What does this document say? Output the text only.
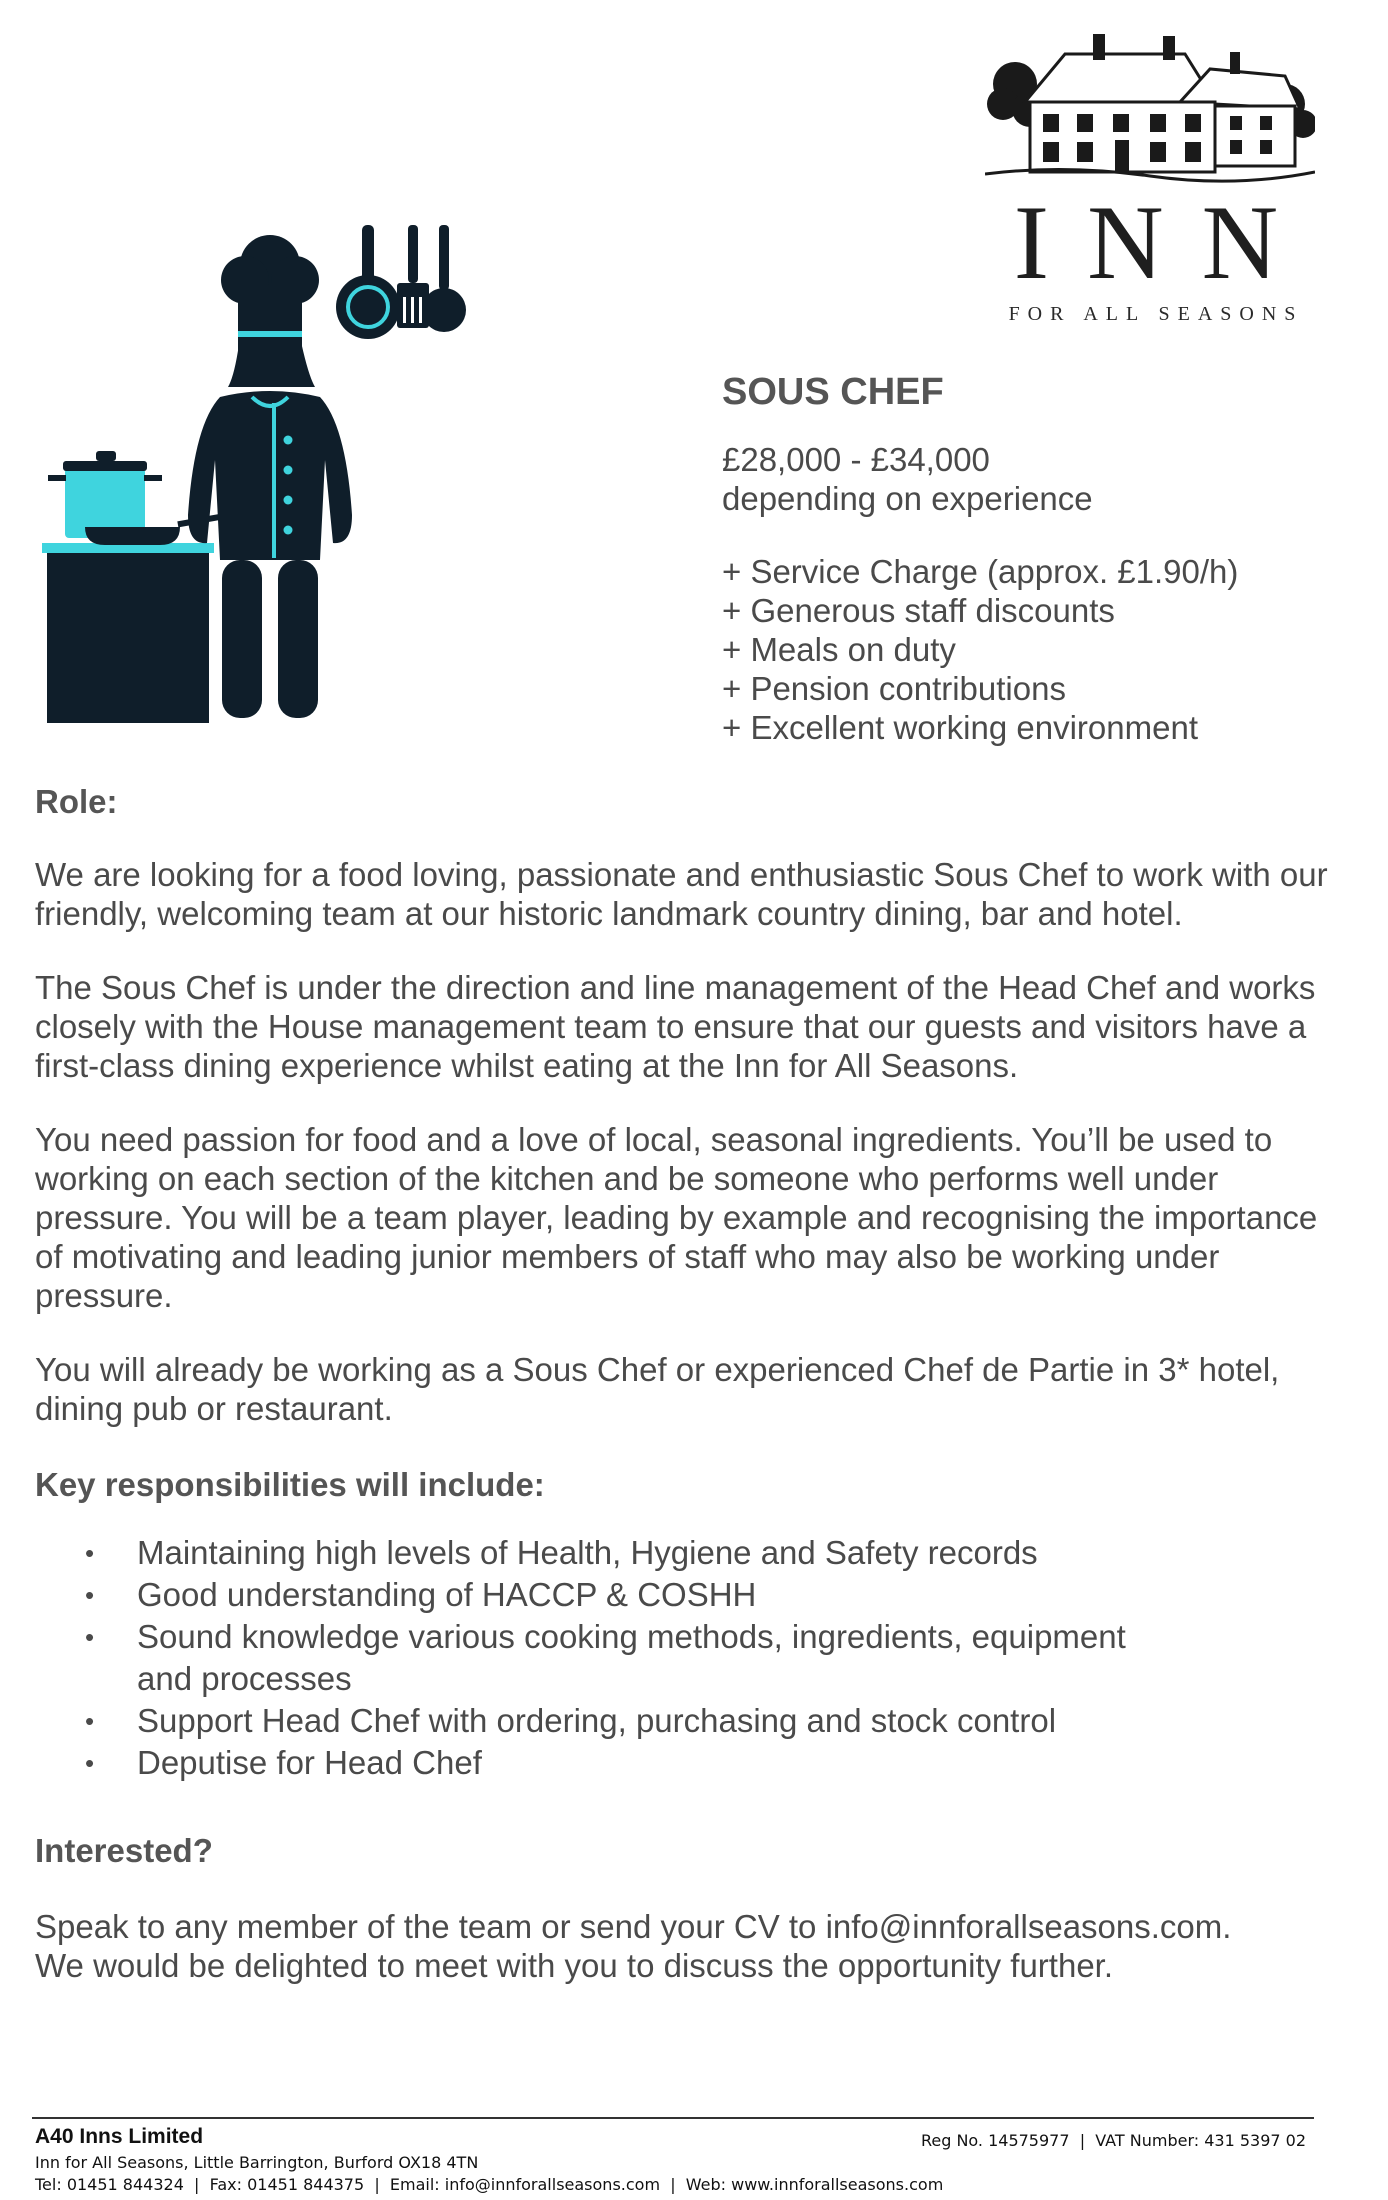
INN
FOR ALL SEASONS
SOUS CHEF
£28,000 - £34,000
depending on experience
+ Service Charge (approx. £1.90/h)
+ Generous staff discounts
+ Meals on duty
+ Pension contributions
+ Excellent working environment
Role:

We are looking for a food loving, passionate and enthusiastic Sous Chef to work with our friendly, welcoming team at our historic landmark country dining, bar and hotel.

The Sous Chef is under the direction and line management of the Head Chef and works closely with the House management team to ensure that our guests and visitors have a first-class dining experience whilst eating at the Inn for All Seasons.

You need passion for food and a love of local, seasonal ingredients. You’ll be used to working on each section of the kitchen and be someone who performs well under pressure. You will be a team player, leading by example and recognising the importance of motivating and leading junior members of staff who may also be working under pressure.

You will already be working as a Sous Chef or experienced Chef de Partie in 3* hotel, dining pub or restaurant.

Key responsibilities will include:
• Maintaining high levels of Health, Hygiene and Safety records
• Good understanding of HACCP & COSHH
• Sound knowledge various cooking methods, ingredients, equipment and processes
• Support Head Chef with ordering, purchasing and stock control
• Deputise for Head Chef
Interested?
Speak to any member of the team or send your CV to info@innforallseasons.com.
We would be delighted to meet with you to discuss the opportunity further.
A40 Inns Limited	Reg No. 14575977  |  VAT Number: 431 5397 02
Inn for All Seasons, Little Barrington, Burford OX18 4TN
Tel: 01451 844324  |  Fax: 01451 844375  |  Email: info@innforallseasons.com  |  Web: www.innforallseasons.com
